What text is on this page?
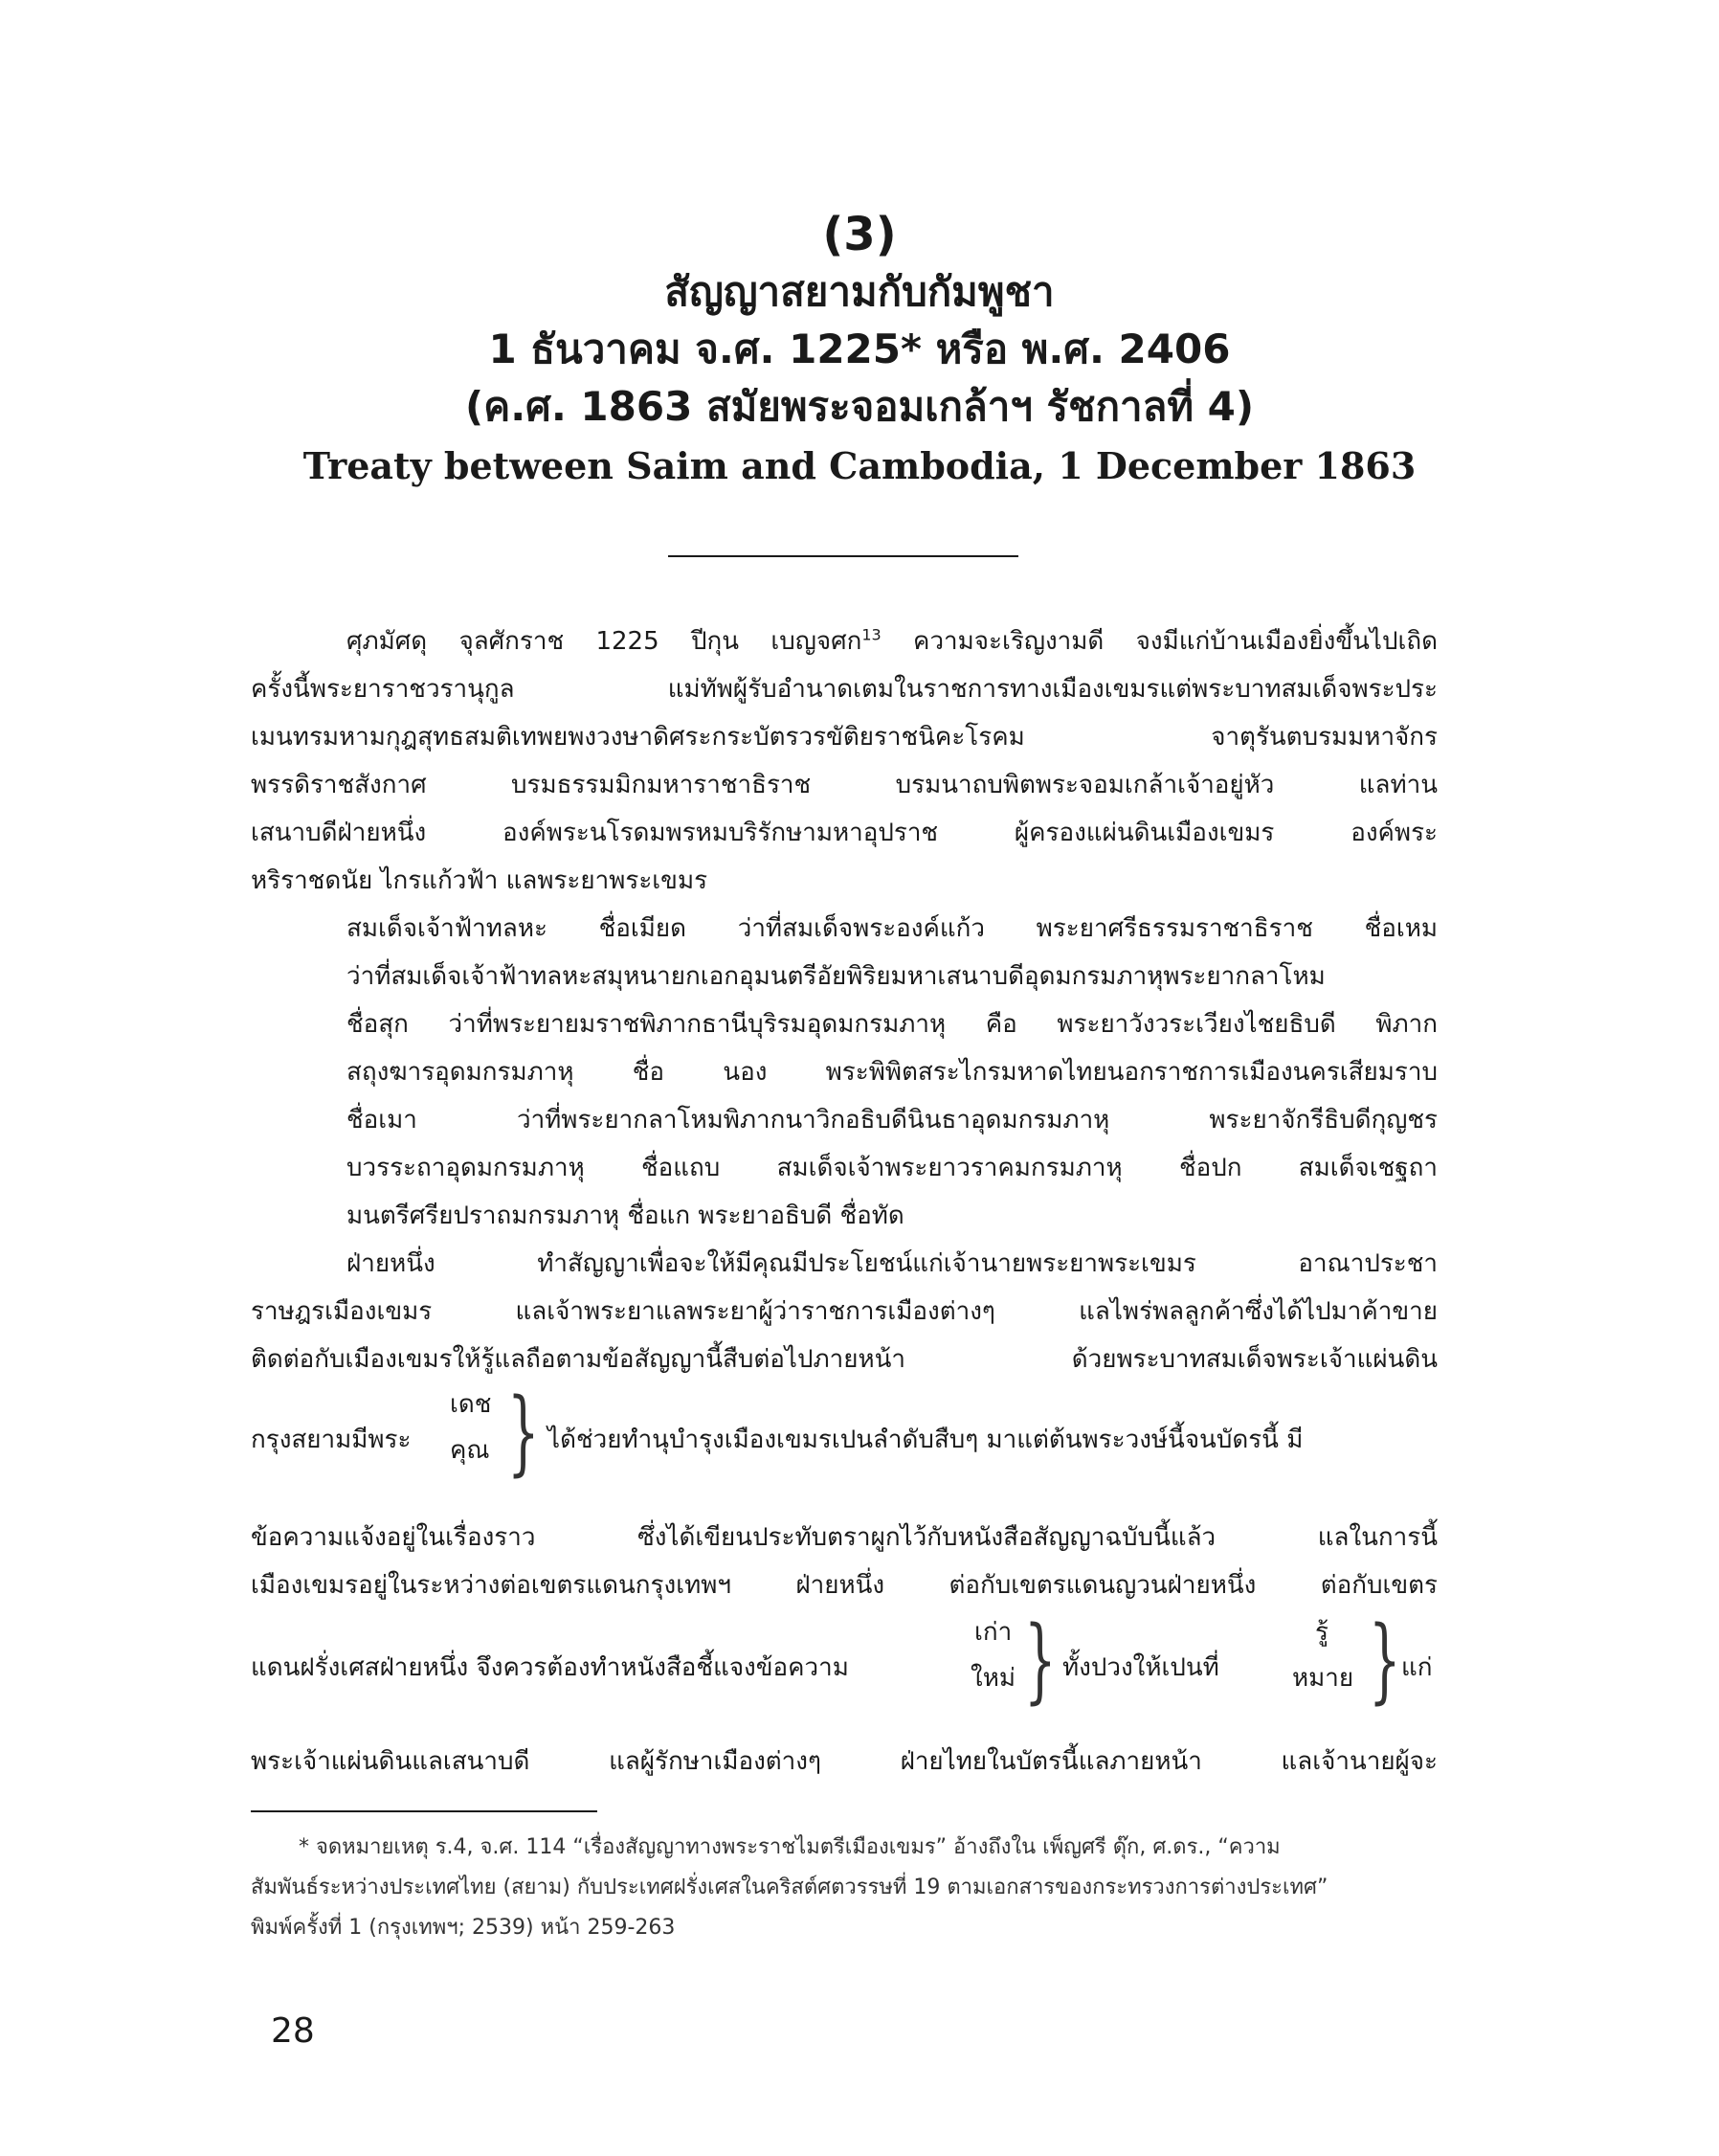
(3)
สัญญาสยามกับกัมพูชา
1 ธันวาคม จ.ศ. 1225* หรือ พ.ศ. 2406
(ค.ศ. 1863 สมัยพระจอมเกล้าฯ รัชกาลที่ 4)
Treaty between Saim and Cambodia, 1 December 1863
ศุภมัศดุ จุลศักราช 1225 ปีกุน เบญจศก$^{13}$ ความจะเริญงามดี จงมีแก่บ้านเมืองยิ่งขึ้นไปเถิด
ครั้งนี้พระยาราชวรานุกูล แม่ทัพผู้รับอำนาดเตมในราชการทางเมืองเขมรแต่พระบาทสมเด็จพระประ
เมนทรมหามกุฎสุทธสมติเทพยพงวงษาดิศระกระบัตรวรขัติยราชนิคะโรคม จาตุรันตบรมมหาจักร
พรรดิราชสังกาศ บรมธรรมมิกมหาราชาธิราช บรมนาถบพิตพระจอมเกล้าเจ้าอยู่หัว แลท่าน
เสนาบดีฝ่ายหนึ่ง องค์พระนโรดมพรหมบริรักษามหาอุปราช ผู้ครองแผ่นดินเมืองเขมร องค์พระ
หริราชดนัย ไกรแก้วฟ้า แลพระยาพระเขมร
สมเด็จเจ้าฟ้าทลหะ ชื่อเมียด ว่าที่สมเด็จพระองค์แก้ว พระยาศรีธรรมราชาธิราช ชื่อเหม
ว่าที่สมเด็จเจ้าฟ้าทลหะสมุหนายกเอกอุมนตรีอัยพิริยมหาเสนาบดีอุดมกรมภาหุพระยากลาโหม
ชื่อสุก ว่าที่พระยายมราชพิภากธานีบุริรมอุดมกรมภาหุ คือ พระยาวังวระเวียงไชยธิบดี พิภาก
สถุงฆารอุดมกรมภาหุ ชื่อ นอง พระพิพิตสระไกรมหาดไทยนอกราชการเมืองนครเสียมราบ
ชื่อเมา ว่าที่พระยากลาโหมพิภากนาวิกอธิบดีนินธาอุดมกรมภาหุ พระยาจักรีธิบดีกุญชร
บวรระถาอุดมกรมภาหุ ชื่อแถบ สมเด็จเจ้าพระยาวราคมกรมภาหุ ชื่อปก สมเด็จเชฐถา
มนตรีศรียปราถมกรมภาหุ ชื่อแก พระยาอธิบดี ชื่อทัด
ฝ่ายหนึ่ง ทำสัญญาเพื่อจะให้มีคุณมีประโยชน์แก่เจ้านายพระยาพระเขมร อาณาประชา
ราษฎรเมืองเขมร แลเจ้าพระยาแลพระยาผู้ว่าราชการเมืองต่างๆ แลไพร่พลลูกค้าซึ่งได้ไปมาค้าขาย
ติดต่อกับเมืองเขมรให้รู้แลถือตามข้อสัญญานี้สืบต่อไปภายหน้า ด้วยพระบาทสมเด็จพระเจ้าแผ่นดิน
กรุงสยามมีพระ
เดช
คุณ } ได้ช่วยทำนุบำรุงเมืองเขมรเปนลำดับสืบๆ มาแต่ต้นพระวงษ์นี้จนบัดรนี้ มี
ข้อความแจ้งอยู่ในเรื่องราว ซึ่งได้เขียนประทับตราผูกไว้กับหนังสือสัญญาฉบับนี้แล้ว แลในการนี้
เมืองเขมรอยู่ในระหว่างต่อเขตรแดนกรุงเทพฯ ฝ่ายหนึ่ง ต่อกับเขตรแดนญวนฝ่ายหนึ่ง ต่อกับเขตร
แดนฝรั่งเศสฝ่ายหนึ่ง จึงควรต้องทำหนังสือชี้แจงข้อความ
เก่า
ใหม่ } ทั้งปวงให้เปนที่
รู้
หมาย } แก่
พระเจ้าแผ่นดินแลเสนาบดี แลผู้รักษาเมืองต่างๆ ฝ่ายไทยในบัตรนี้แลภายหน้า แลเจ้านายผู้จะ
* จดหมายเหตุ ร.4, จ.ศ. 114 “เรื่องสัญญาทางพระราชไมตรีเมืองเขมร” อ้างถึงใน เพ็ญศรี ดุ๊ก, ศ.ดร., “ความ
สัมพันธ์ระหว่างประเทศไทย (สยาม) กับประเทศฝรั่งเศสในคริสต์ศตวรรษที่ 19 ตามเอกสารของกระทรวงการต่างประเทศ”
พิมพ์ครั้งที่ 1 (กรุงเทพฯ; 2539) หน้า 259-263
28
